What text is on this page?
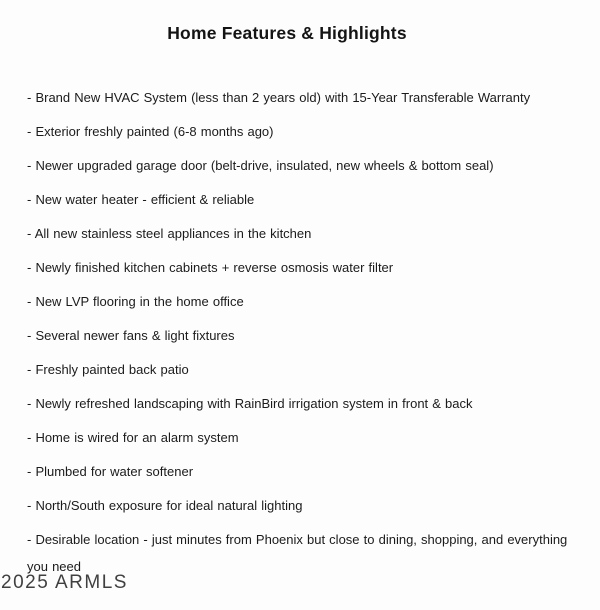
Home Features & Highlights

- Brand New HVAC System (less than 2 years old) with 15-Year Transferable Warranty

- Exterior freshly painted (6-8 months ago)

- Newer upgraded garage door (belt-drive, insulated, new wheels & bottom seal)

- New water heater - efficient & reliable

- All new stainless steel appliances in the kitchen

- Newly finished kitchen cabinets + reverse osmosis water filter

- New LVP flooring in the home office

- Several newer fans & light fixtures

- Freshly painted back patio

- Newly refreshed landscaping with RainBird irrigation system in front & back

- Home is wired for an alarm system

- Plumbed for water softener

- North/South exposure for ideal natural lighting

- Desirable location - just minutes from Phoenix but close to dining, shopping, and everything you need

2025 ARMLS
